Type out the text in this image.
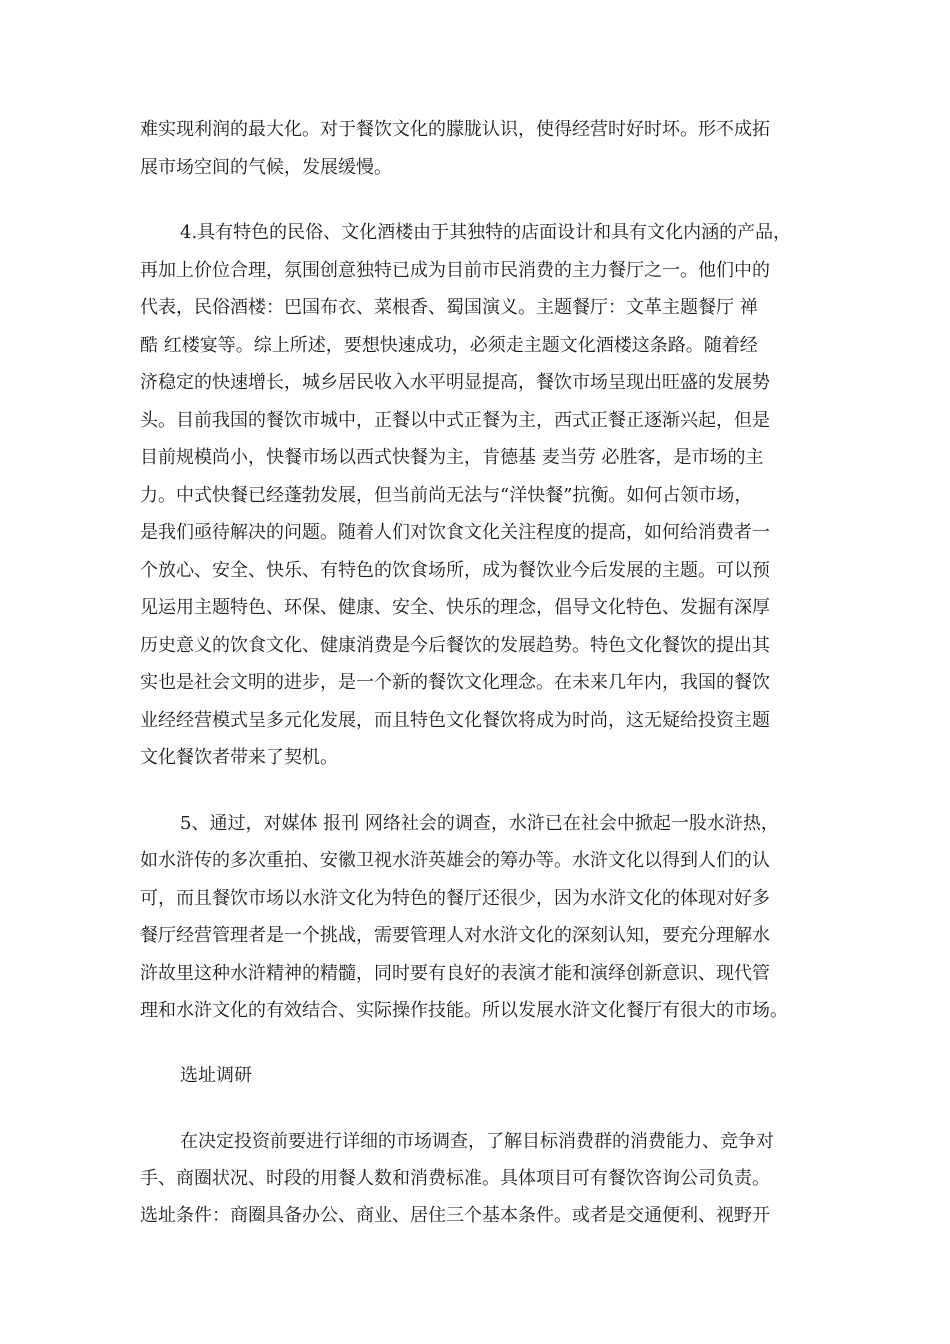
难实现利润的最大化。对于餐饮文化的朦胧认识，使得经营时好时坏。形不成拓
展市场空间的气候，发展缓慢。
4.具有特色的民俗、文化酒楼由于其独特的店面设计和具有文化内涵的产品，
再加上价位合理，氛围创意独特已成为目前市民消费的主力餐厅之一。他们中的
代表，民俗酒楼：巴国布衣、菜根香、蜀国演义。主题餐厅：文革主题餐厅 禅
酷 红楼宴等。综上所述，要想快速成功，必须走主题文化酒楼这条路。随着经
济稳定的快速增长，城乡居民收入水平明显提高，餐饮市场呈现出旺盛的发展势
头。目前我国的餐饮市城中，正餐以中式正餐为主，西式正餐正逐渐兴起，但是
目前规模尚小，快餐市场以西式快餐为主，肯德基 麦当劳 必胜客，是市场的主
力。中式快餐已经蓬勃发展，但当前尚无法与“洋快餐”抗衡。如何占领市场，
是我们亟待解决的问题。随着人们对饮食文化关注程度的提高，如何给消费者一
个放心、安全、快乐、有特色的饮食场所，成为餐饮业今后发展的主题。可以预
见运用主题特色、环保、健康、安全、快乐的理念，倡导文化特色、发掘有深厚
历史意义的饮食文化、健康消费是今后餐饮的发展趋势。特色文化餐饮的提出其
实也是社会文明的进步，是一个新的餐饮文化理念。在未来几年内，我国的餐饮
业经经营模式呈多元化发展，而且特色文化餐饮将成为时尚，这无疑给投资主题
文化餐饮者带来了契机。
5、通过，对媒体 报刊 网络社会的调查，水浒已在社会中掀起一股水浒热，
如水浒传的多次重拍、安徽卫视水浒英雄会的筹办等。水浒文化以得到人们的认
可，而且餐饮市场以水浒文化为特色的餐厅还很少，因为水浒文化的体现对好多
餐厅经营管理者是一个挑战，需要管理人对水浒文化的深刻认知，要充分理解水
浒故里这种水浒精神的精髓，同时要有良好的表演才能和演绎创新意识、现代管
理和水浒文化的有效结合、实际操作技能。所以发展水浒文化餐厅有很大的市场。
选址调研
在决定投资前要进行详细的市场调查，了解目标消费群的消费能力、竞争对
手、商圈状况、时段的用餐人数和消费标准。具体项目可有餐饮咨询公司负责。
选址条件：商圈具备办公、商业、居住三个基本条件。或者是交通便利、视野开
